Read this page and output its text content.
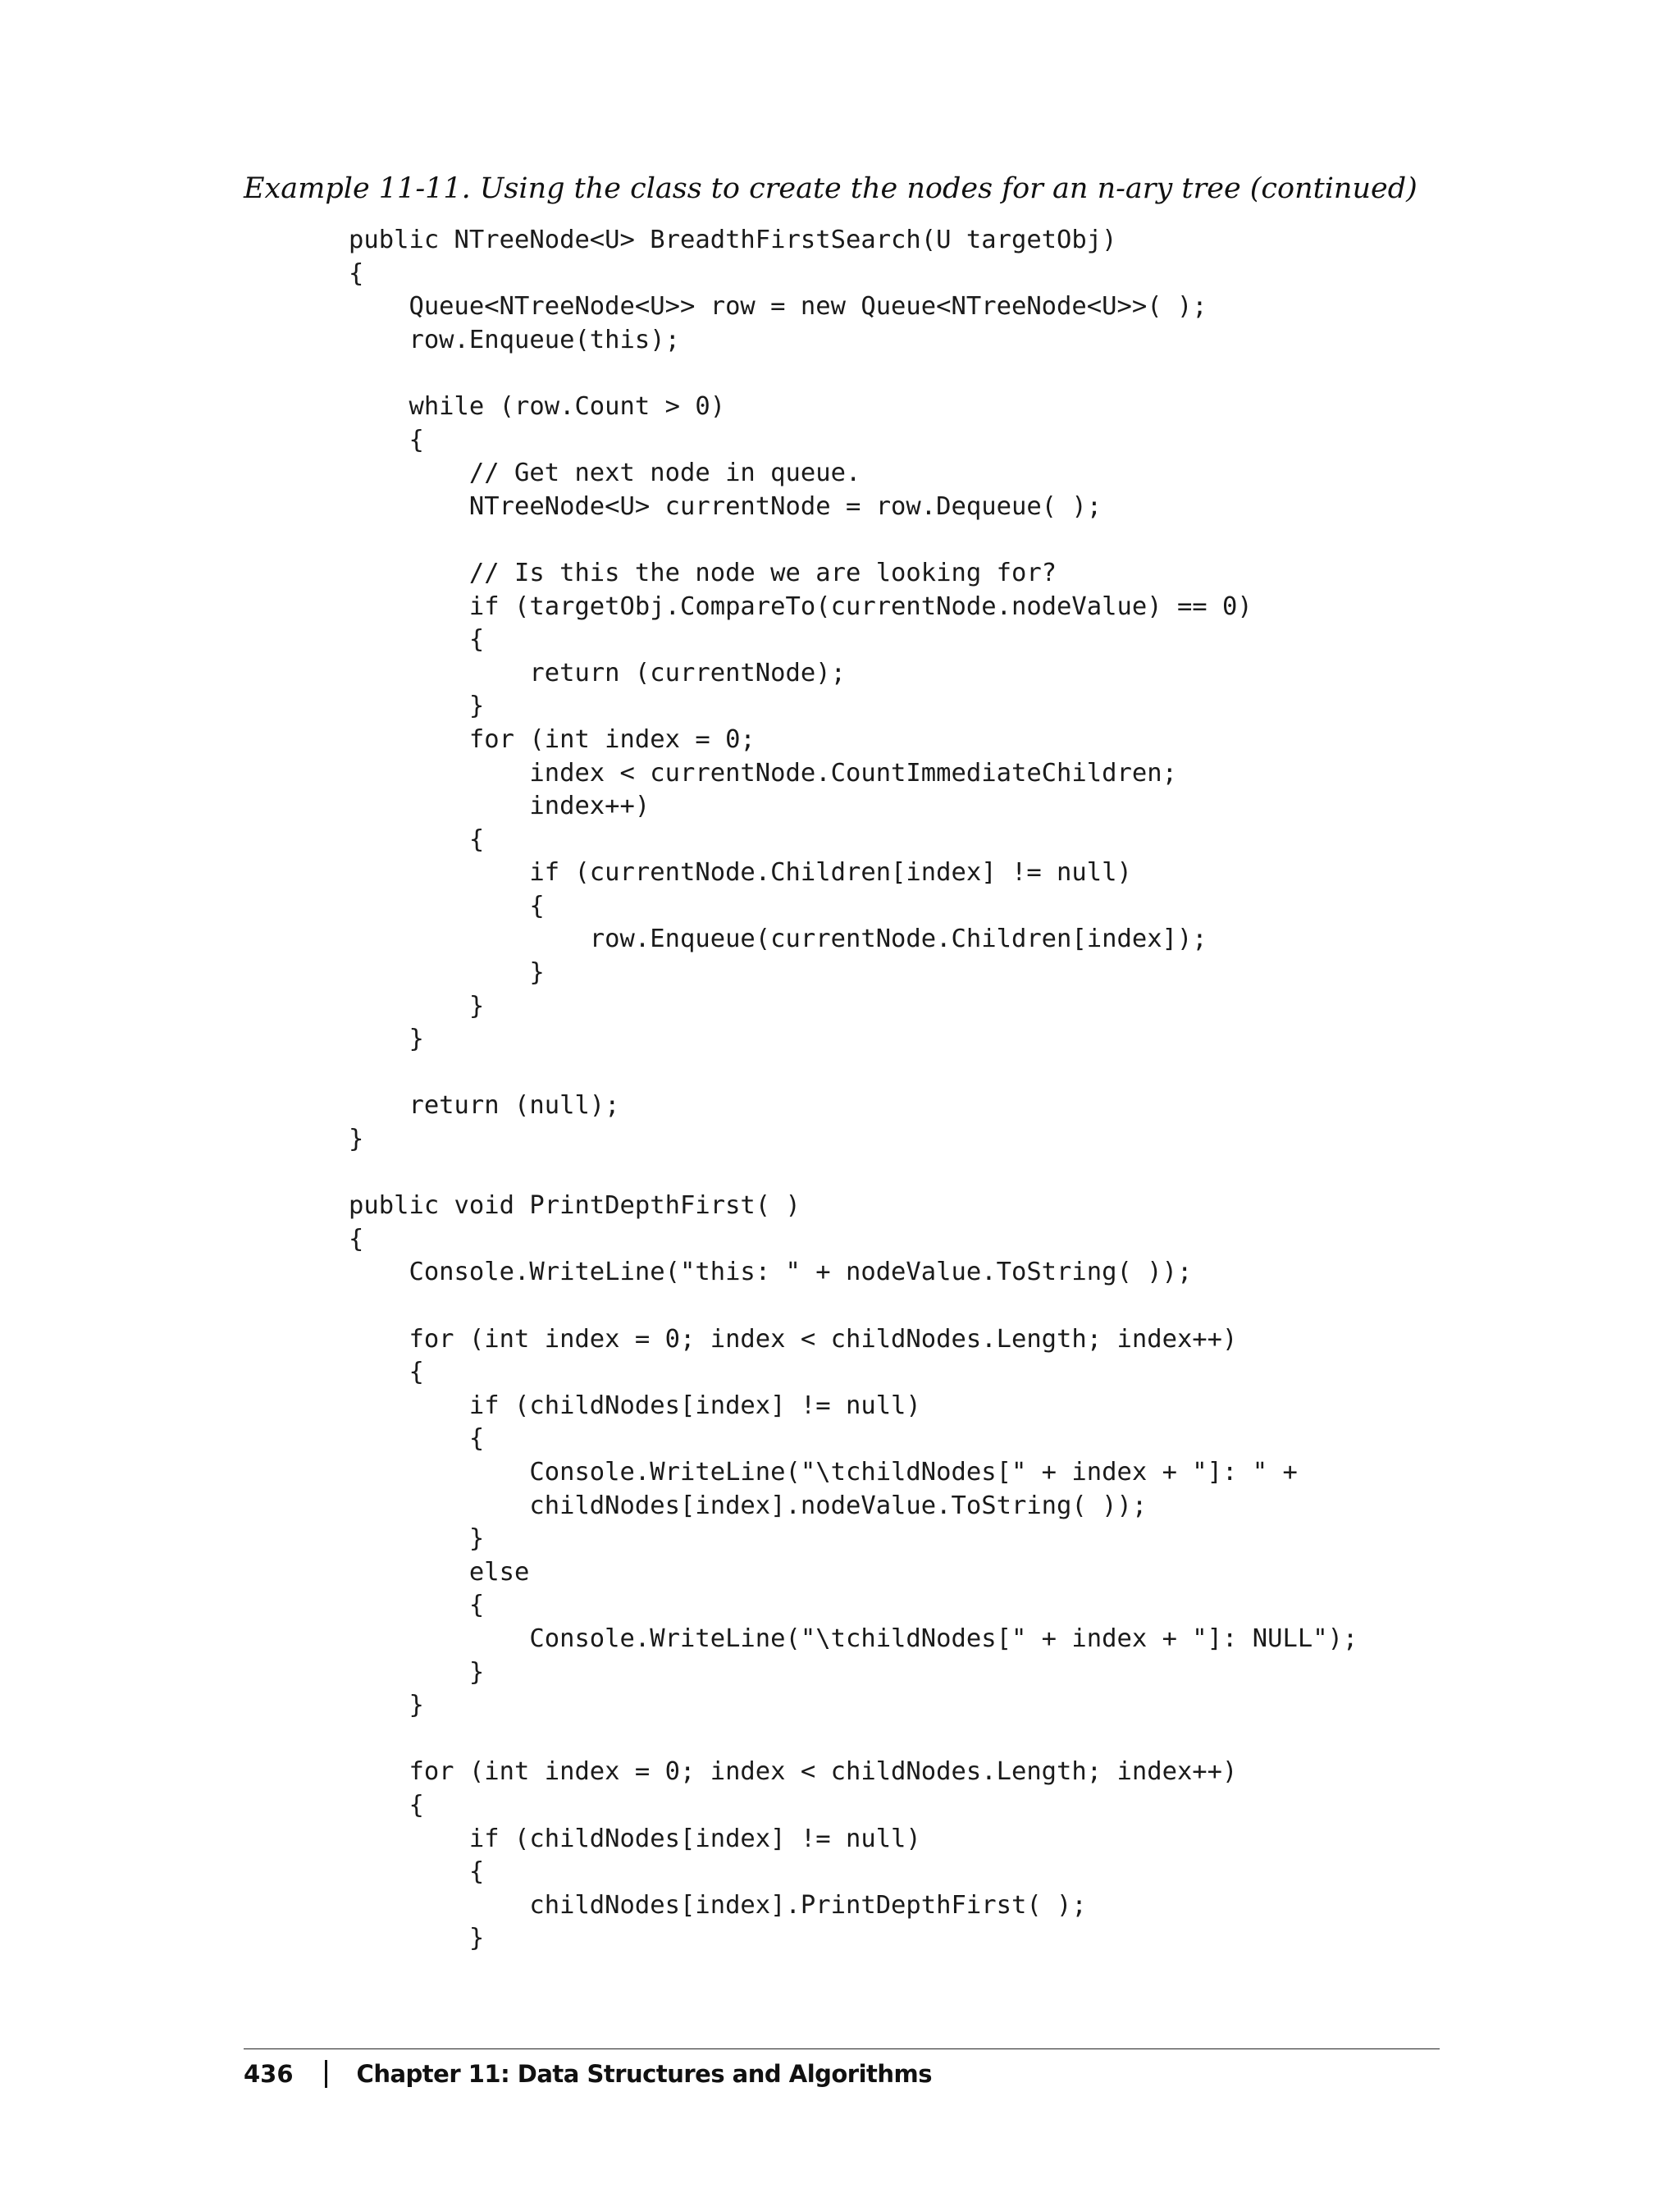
Example 11-11. Using the class to create the nodes for an n-ary tree (continued)
public NTreeNode<U> BreadthFirstSearch(U targetObj)
{
Queue<NTreeNode<U>> row = new Queue<NTreeNode<U>>( );
row.Enqueue(this);
while (row.Count > 0)
{
// Get next node in queue.
NTreeNode<U> currentNode = row.Dequeue( );
// Is this the node we are looking for?
if (targetObj.CompareTo(currentNode.nodeValue) == 0)
{
return (currentNode);
}
for (int index = 0;
index < currentNode.CountImmediateChildren;
index++)
{
if (currentNode.Children[index] != null)
{
row.Enqueue(currentNode.Children[index]);
}
}
}
return (null);
}
public void PrintDepthFirst( )
{
Console.WriteLine("this: " + nodeValue.ToString( ));
for (int index = 0; index < childNodes.Length; index++)
{
if (childNodes[index] != null)
{
Console.WriteLine("\tchildNodes[" + index + "]: " +
childNodes[index].nodeValue.ToString( ));
}
else
{
Console.WriteLine("\tchildNodes[" + index + "]: NULL");
}
}
for (int index = 0; index < childNodes.Length; index++)
{
if (childNodes[index] != null)
{
childNodes[index].PrintDepthFirst( );
}
436	Chapter 11: Data Structures and Algorithms
